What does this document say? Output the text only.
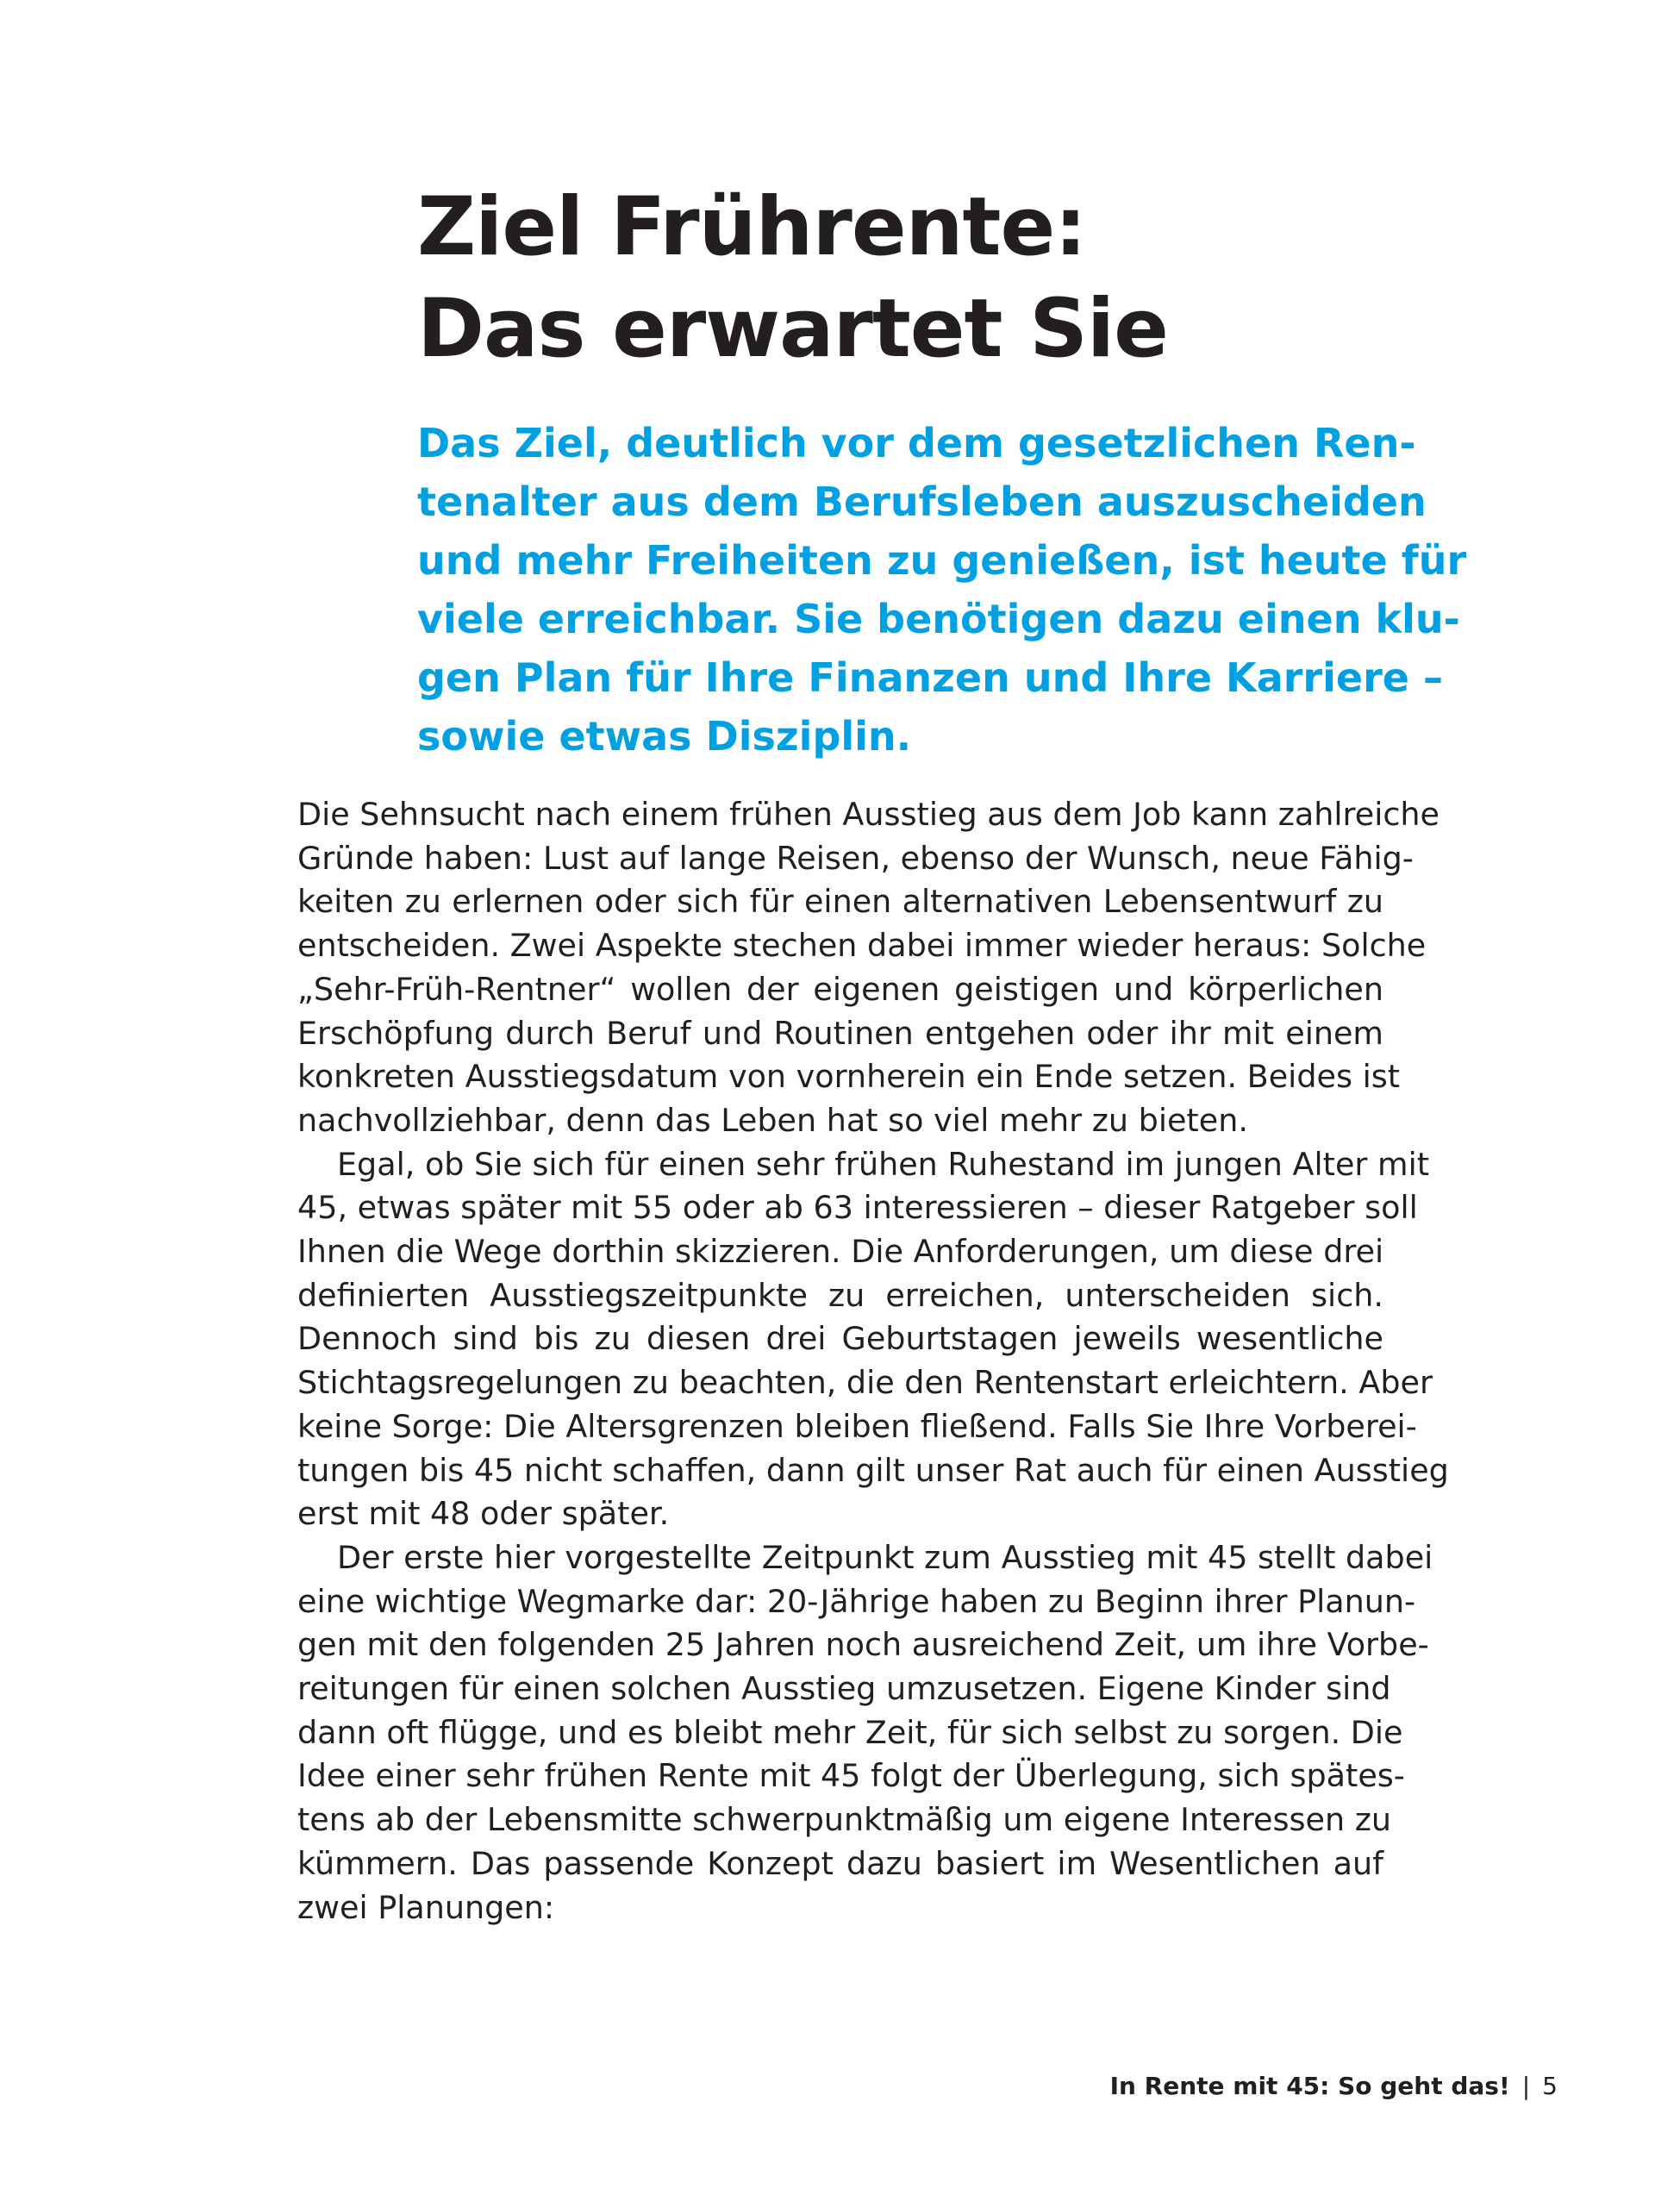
Ziel Frührente:
Das erwartet Sie
Das Ziel, deutlich vor dem gesetzlichen Ren-
tenalter aus dem Berufsleben auszuscheiden
und mehr Freiheiten zu genießen, ist heute für
viele erreichbar. Sie benötigen dazu einen klu-
gen Plan für Ihre Finanzen und Ihre Karriere –
sowie etwas Disziplin.
Die Sehnsucht nach einem frühen Ausstieg aus dem Job kann zahlreiche
Gründe haben: Lust auf lange Reisen, ebenso der Wunsch, neue Fähig-
keiten zu erlernen oder sich für einen alternativen Lebensentwurf zu
entscheiden. Zwei Aspekte stechen dabei immer wieder heraus: Solche
„Sehr-Früh-Rentner“ wollen der eigenen geistigen und körperlichen
Erschöpfung durch Beruf und Routinen entgehen oder ihr mit einem
konkreten Ausstiegsdatum von vornherein ein Ende setzen. Beides ist
nachvollziehbar, denn das Leben hat so viel mehr zu bieten.
Egal, ob Sie sich für einen sehr frühen Ruhestand im jungen Alter mit
45, etwas später mit 55 oder ab 63 interessieren – dieser Ratgeber soll
Ihnen die Wege dorthin skizzieren. Die Anforderungen, um diese drei
definierten Ausstiegszeitpunkte zu erreichen, unterscheiden sich.
Dennoch sind bis zu diesen drei Geburtstagen jeweils wesentliche
Stichtagsregelungen zu beachten, die den Rentenstart erleichtern. Aber
keine Sorge: Die Altersgrenzen bleiben fließend. Falls Sie Ihre Vorberei-
tungen bis 45 nicht schaffen, dann gilt unser Rat auch für einen Ausstieg
erst mit 48 oder später.
Der erste hier vorgestellte Zeitpunkt zum Ausstieg mit 45 stellt dabei
eine wichtige Wegmarke dar: 20-Jährige haben zu Beginn ihrer Planun-
gen mit den folgenden 25 Jahren noch ausreichend Zeit, um ihre Vorbe-
reitungen für einen solchen Ausstieg umzusetzen. Eigene Kinder sind
dann oft flügge, und es bleibt mehr Zeit, für sich selbst zu sorgen. Die
Idee einer sehr frühen Rente mit 45 folgt der Überlegung, sich spätes-
tens ab der Lebensmitte schwerpunktmäßig um eigene Interessen zu
kümmern. Das passende Konzept dazu basiert im Wesentlichen auf
zwei Planungen:
In Rente mit 45: So geht das! | 5
